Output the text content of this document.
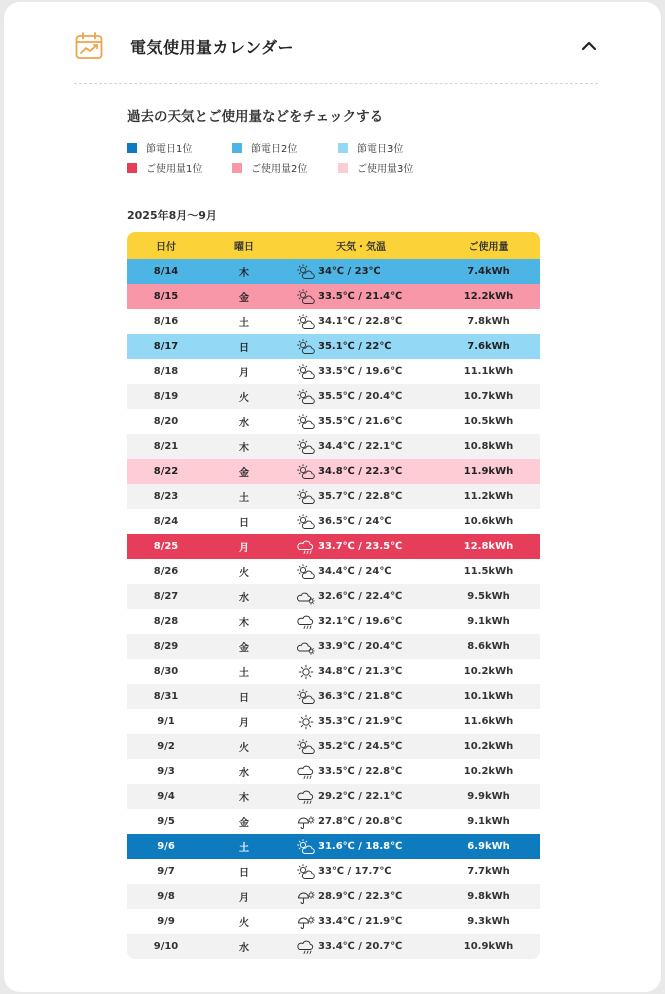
電気使用量カレンダー
過去の天気とご使用量などをチェックする
節電日1位	節電日2位	節電日3位
ご使用量1位	ご使用量2位	ご使用量3位
2025年8月〜9月
日付	曜日	天気・気温	ご使用量
8/14	木	34℃ / 23℃	7.4kWh
8/15	金	33.5℃ / 21.4℃	12.2kWh
8/16	土	34.1℃ / 22.8℃	7.8kWh
8/17	日	35.1℃ / 22℃	7.6kWh
8/18	月	33.5℃ / 19.6℃	11.1kWh
8/19	火	35.5℃ / 20.4℃	10.7kWh
8/20	水	35.5℃ / 21.6℃	10.5kWh
8/21	木	34.4℃ / 22.1℃	10.8kWh
8/22	金	34.8℃ / 22.3℃	11.9kWh
8/23	土	35.7℃ / 22.8℃	11.2kWh
8/24	日	36.5℃ / 24℃	10.6kWh
8/25	月	33.7℃ / 23.5℃	12.8kWh
8/26	火	34.4℃ / 24℃	11.5kWh
8/27	水	32.6℃ / 22.4℃	9.5kWh
8/28	木	32.1℃ / 19.6℃	9.1kWh
8/29	金	33.9℃ / 20.4℃	8.6kWh
8/30	土	34.8℃ / 21.3℃	10.2kWh
8/31	日	36.3℃ / 21.8℃	10.1kWh
9/1	月	35.3℃ / 21.9℃	11.6kWh
9/2	火	35.2℃ / 24.5℃	10.2kWh
9/3	水	33.5℃ / 22.8℃	10.2kWh
9/4	木	29.2℃ / 22.1℃	9.9kWh
9/5	金	27.8℃ / 20.8℃	9.1kWh
9/6	土	31.6℃ / 18.8℃	6.9kWh
9/7	日	33℃ / 17.7℃	7.7kWh
9/8	月	28.9℃ / 22.3℃	9.8kWh
9/9	火	33.4℃ / 21.9℃	9.3kWh
9/10	水	33.4℃ / 20.7℃	10.9kWh
